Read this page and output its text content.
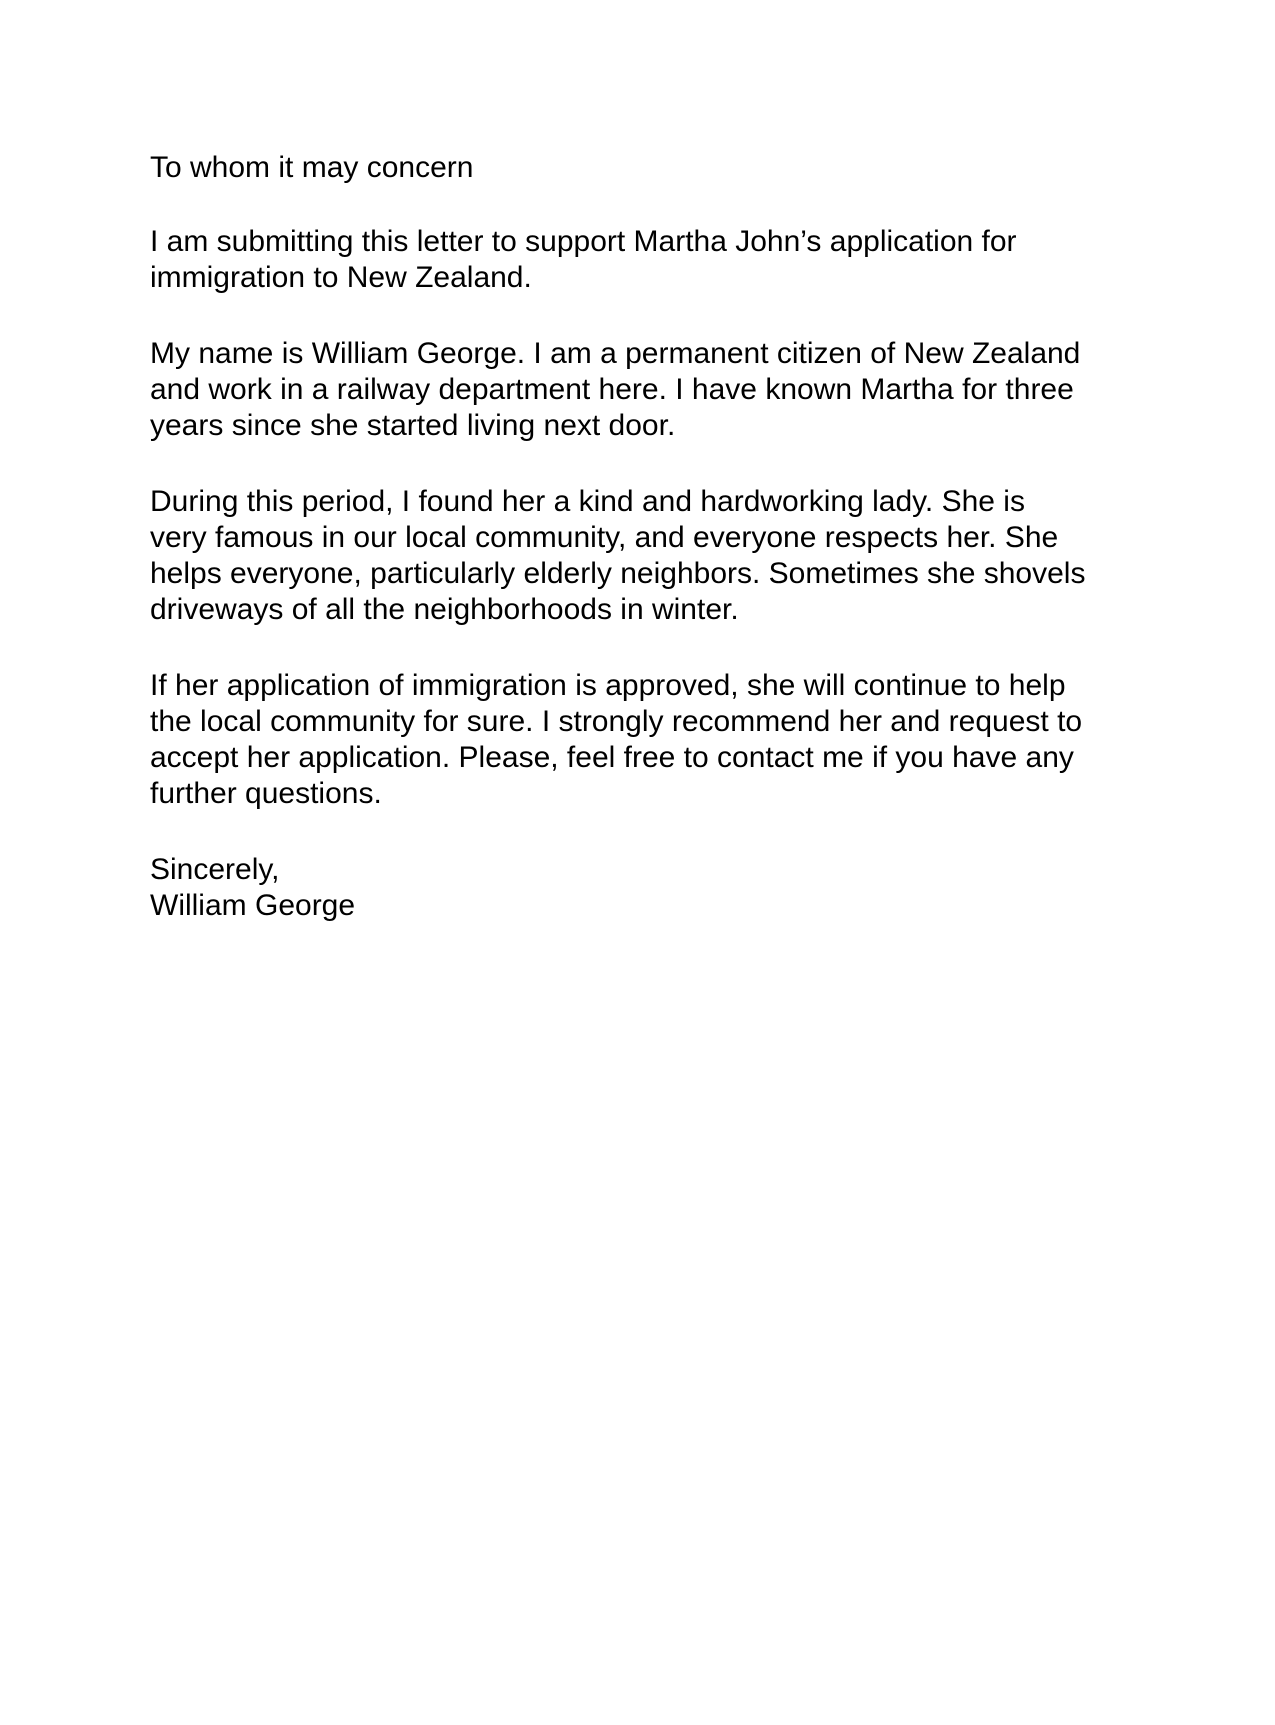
To whom it may concern

I am submitting this letter to support Martha John’s application for
immigration to New Zealand.

My name is William George. I am a permanent citizen of New Zealand
and work in a railway department here. I have known Martha for three
years since she started living next door.

During this period, I found her a kind and hardworking lady. She is
very famous in our local community, and everyone respects her. She
helps everyone, particularly elderly neighbors. Sometimes she shovels
driveways of all the neighborhoods in winter.

If her application of immigration is approved, she will continue to help
the local community for sure. I strongly recommend her and request to
accept her application. Please, feel free to contact me if you have any
further questions.

Sincerely,
William George
